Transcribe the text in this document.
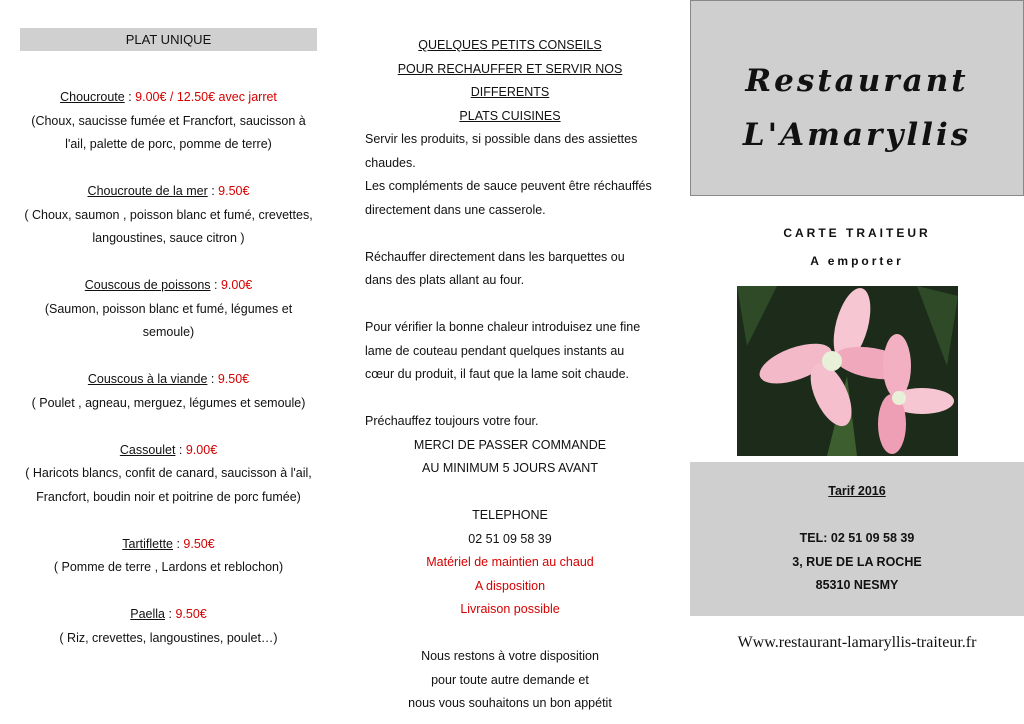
PLAT UNIQUE
Choucroute : 9.00€ / 12.50€ avec jarret
(Choux, saucisse fumée et Francfort, saucisson à l'ail, palette de porc, pomme de terre)
Choucroute de la mer : 9.50€
( Choux, saumon , poisson blanc et fumé, crevettes, langoustines, sauce citron )
Couscous de poissons : 9.00€
(Saumon, poisson blanc et fumé, légumes et semoule)
Couscous à la viande : 9.50€
( Poulet , agneau, merguez, légumes et semoule)
Cassoulet : 9.00€
( Haricots blancs, confit de canard, saucisson à l'ail, Francfort, boudin noir et poitrine de porc fumée)
Tartiflette : 9.50€
( Pomme de terre , Lardons et reblochon)
Paella : 9.50€
( Riz, crevettes, langoustines, poulet…)
QUELQUES PETITS CONSEILS
POUR RECHAUFFER ET SERVIR NOS DIFFERENTS
PLATS CUISINES
Servir les produits, si possible dans des assiettes chaudes.
Les compléments de sauce peuvent être réchauffés directement dans une casserole.
Réchauffer directement dans les barquettes ou dans des plats allant au four.
Pour vérifier la bonne chaleur introduisez une fine lame de couteau pendant quelques instants au cœur du produit, il faut que la lame soit chaude.
Préchauffez toujours votre four.
MERCI DE PASSER COMMANDE
AU MINIMUM 5 JOURS AVANT
TELEPHONE
02 51 09 58 39
Matériel de maintien au chaud
A disposition
Livraison possible
Nous restons à votre disposition
pour toute autre demande et
nous vous souhaitons un bon appétit
Restaurant
L'Amaryllis
CARTE TRAITEUR
A emporter
Tarif 2016
TEL: 02 51 09 58 39
3, RUE DE LA ROCHE
85310 NESMY
Www.restaurant-lamaryllis-traiteur.fr
